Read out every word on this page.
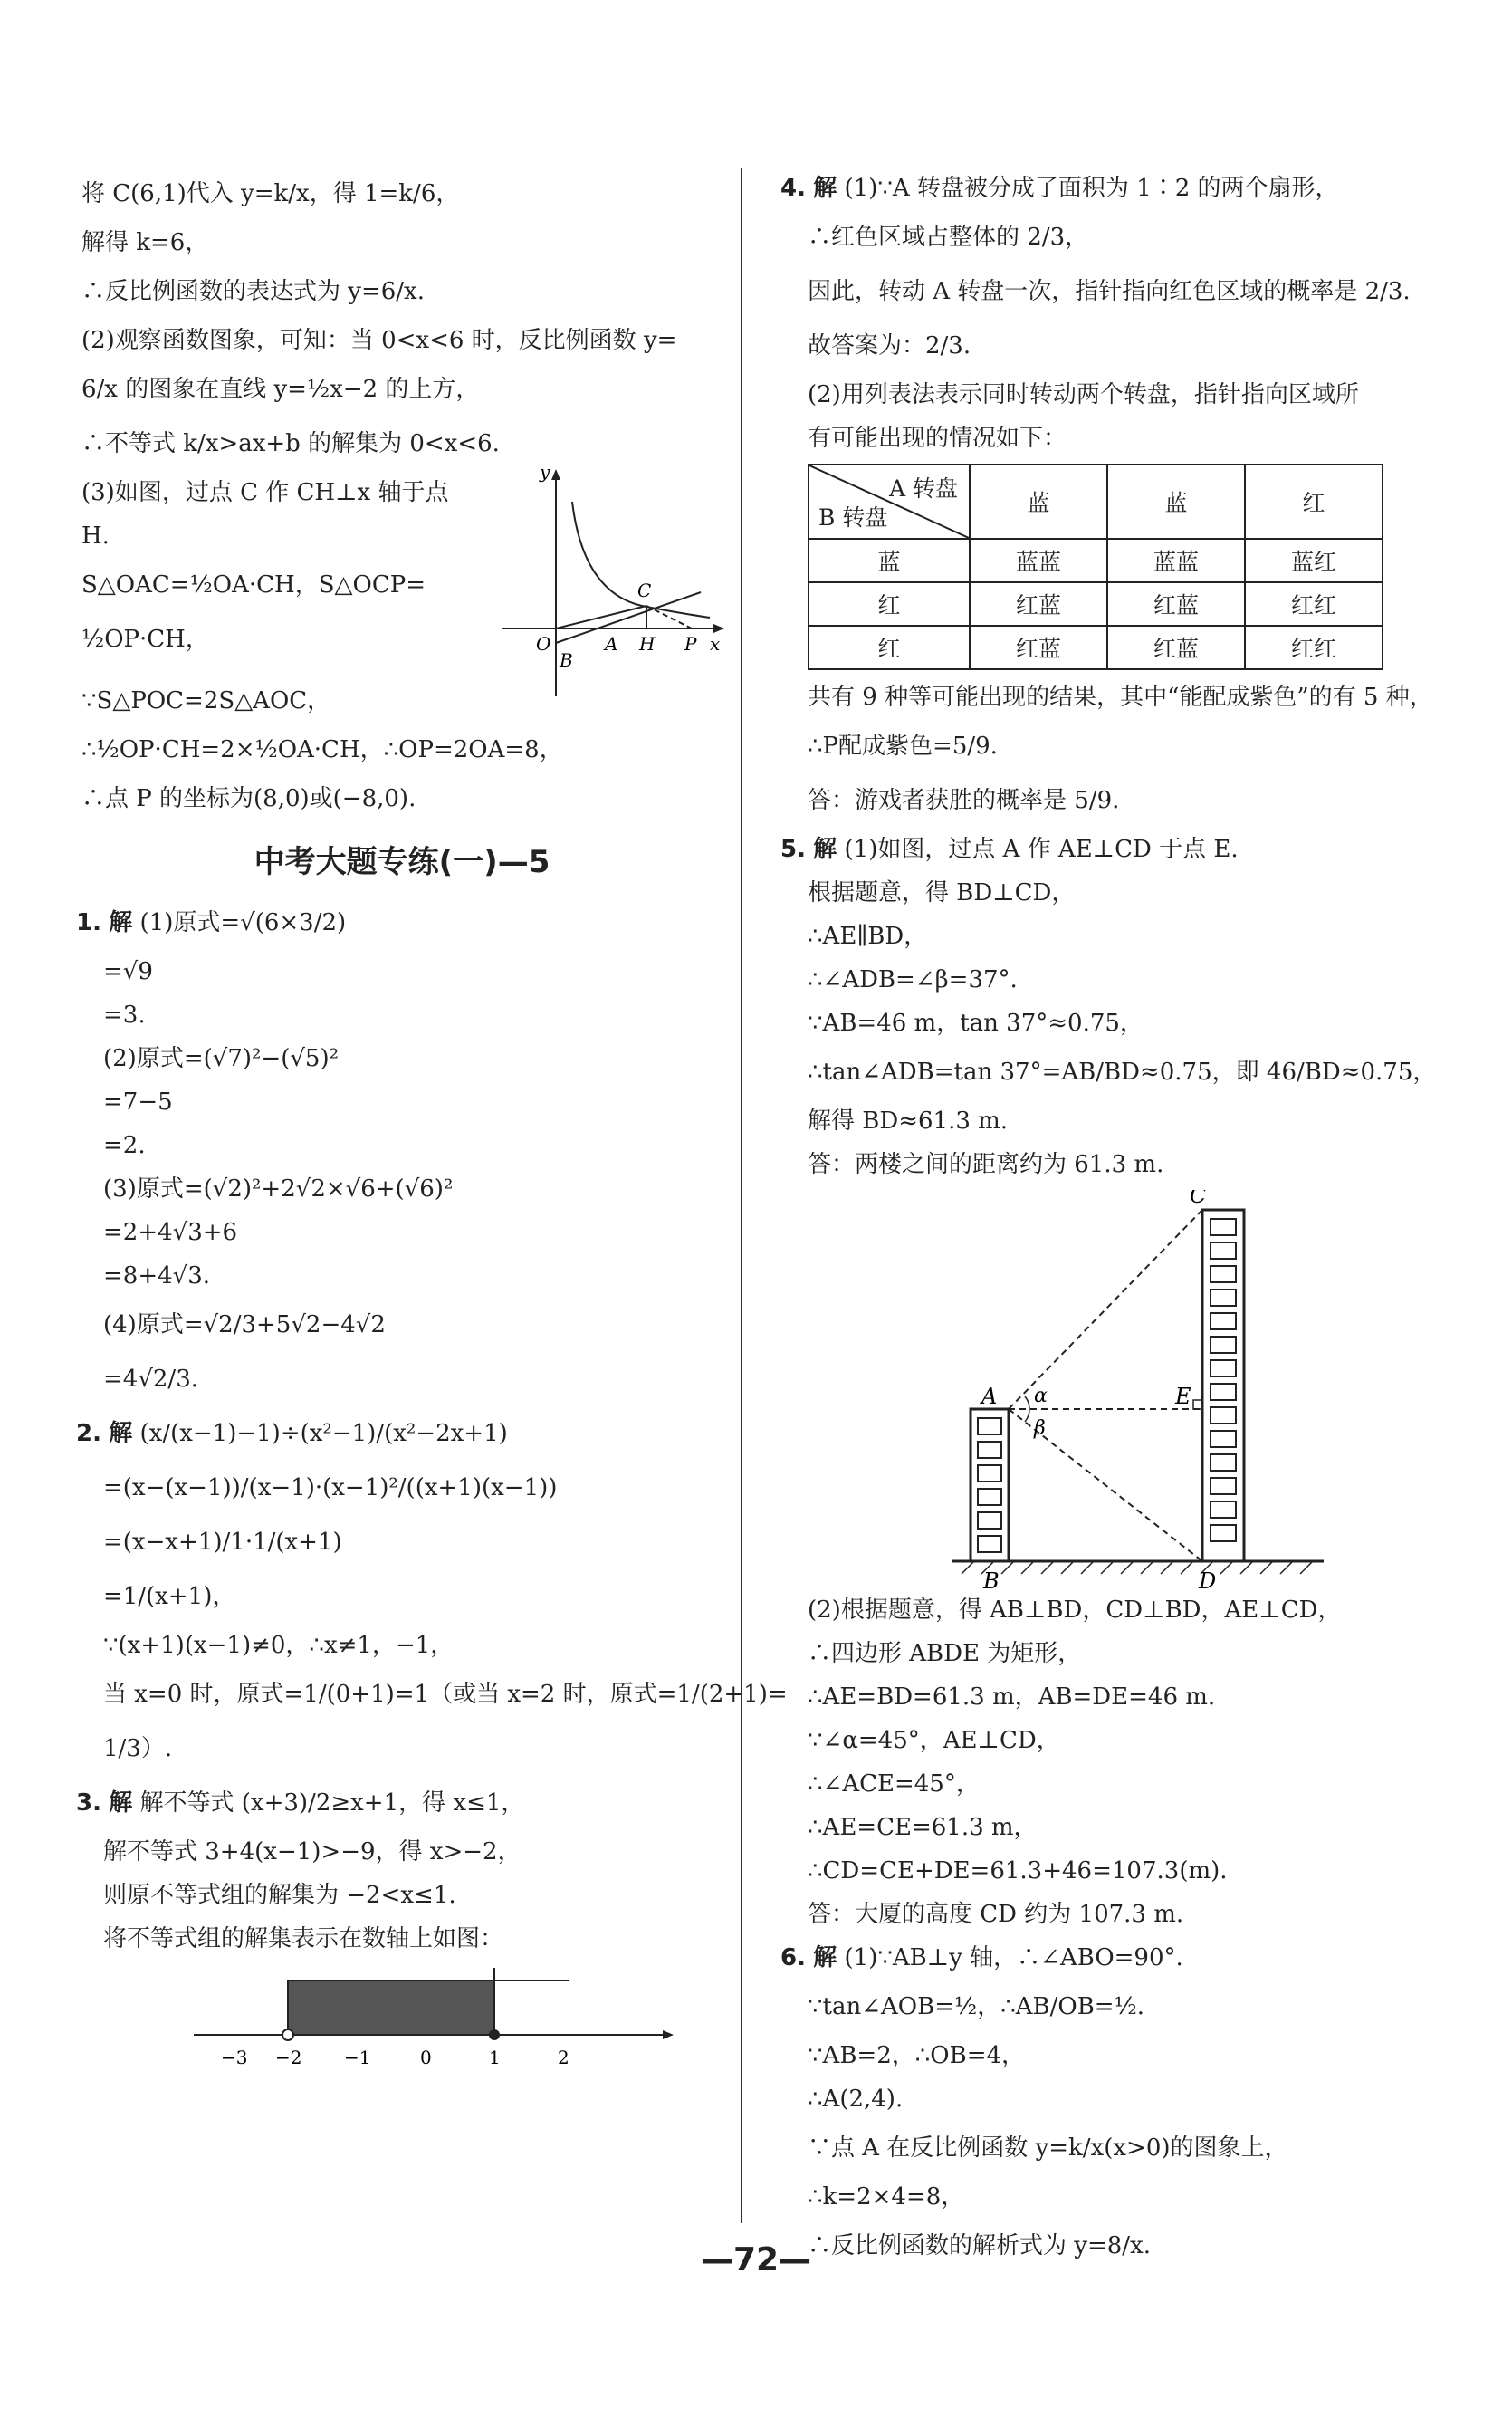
将 C(6,1)代入 y=k/x，得 1=k/6，
解得 k=6，
∴反比例函数的表达式为 y=6/x.
(2)观察函数图象，可知：当 0<x<6 时，反比例函数 y=
6/x 的图象在直线 y=½x−2 的上方，
∴不等式 k/x>ax+b 的解集为 0<x<6.
(3)如图，过点 C 作 CH⊥x 轴于点
H.
S△OAC=½OA·CH，S△OCP=
½OP·CH，
y
C
O	A H P x
B
∵S△POC=2S△AOC，
∴½OP·CH=2×½OA·CH，∴OP=2OA=8，
∴点 P 的坐标为(8,0)或(−8,0).
中考大题专练(一)—5
1. 解 (1)原式=√(6×3/2)
=√9
=3.
(2)原式=(√7)²−(√5)²
=7−5
=2.
(3)原式=(√2)²+2√2×√6+(√6)²
=2+4√3+6
=8+4√3.
(4)原式=√2/3+5√2−4√2
=4√2/3.
2. 解 (x/(x−1)−1)÷(x²−1)/(x²−2x+1)
=(x−(x−1))/(x−1)·(x−1)²/((x+1)(x−1))
=(x−x+1)/1·1/(x+1)
=1/(x+1)，
∵(x+1)(x−1)≠0，∴x≠1，−1，
当 x=0 时，原式=1/(0+1)=1（或当 x=2 时，原式=1/(2+1)=
1/3）.
3. 解 解不等式 (x+3)/2≥x+1，得 x≤1，
解不等式 3+4(x−1)>−9，得 x>−2，
则原不等式组的解集为 −2<x≤1.
将不等式组的解集表示在数轴上如图：
−3 −2 −1	0	1	2
4. 解 (1)∵A 转盘被分成了面积为 1∶2 的两个扇形，
∴红色区域占整体的 2/3，
因此，转动 A 转盘一次，指针指向红色区域的概率是 2/3.
故答案为：2/3.
(2)用列表法表示同时转动两个转盘，指针指向区域所
有可能出现的情况如下：
A 转盘
B 转盘	蓝	蓝	红
蓝	蓝蓝	蓝蓝	蓝红
红	红蓝	红蓝	红红
红	红蓝	红蓝	红红
共有 9 种等可能出现的结果，其中“能配成紫色”的有 5 种，
∴P配成紫色=5/9.
答：游戏者获胜的概率是 5/9.
5. 解 (1)如图，过点 A 作 AE⊥CD 于点 E.
根据题意，得 BD⊥CD，
∴AE∥BD，
∴∠ADB=∠β=37°.
∵AB=46 m，tan 37°≈0.75，
∴tan∠ADB=tan 37°=AB/BD≈0.75，即 46/BD≈0.75，
解得 BD≈61.3 m.
答：两楼之间的距离约为 61.3 m.
C
A α
β
E
B	D
(2)根据题意，得 AB⊥BD，CD⊥BD，AE⊥CD，
∴四边形 ABDE 为矩形，
∴AE=BD=61.3 m，AB=DE=46 m.
∵∠α=45°，AE⊥CD，
∴∠ACE=45°，
∴AE=CE=61.3 m，
∴CD=CE+DE=61.3+46=107.3(m).
答：大厦的高度 CD 约为 107.3 m.
6. 解 (1)∵AB⊥y 轴，∴∠ABO=90°.
∵tan∠AOB=½，∴AB/OB=½.
∵AB=2，∴OB=4，
∴A(2,4).
∵点 A 在反比例函数 y=k/x(x>0)的图象上，
∴k=2×4=8，
∴反比例函数的解析式为 y=8/x.
—72—
